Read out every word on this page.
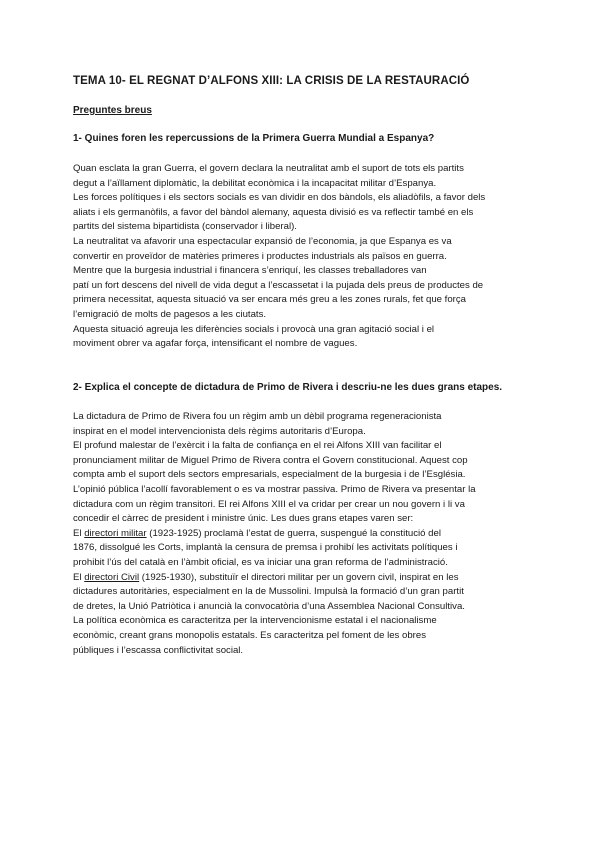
TEMA 10- EL REGNAT D’ALFONS XIII: LA CRISIS DE LA RESTAURACIÓ
Preguntes breus
1- Quines foren les repercussions de la Primera Guerra Mundial a Espanya?
Quan esclata la gran Guerra, el govern declara la neutralitat amb el suport de tots els partits
degut a l’aïllament diplomàtic, la debilitat econòmica i la incapacitat militar d’Espanya.
Les forces polítiques i els sectors socials es van dividir en dos bàndols, els aliadòfils, a favor dels
aliats i els germanòfils, a favor del bàndol alemany, aquesta divisió es va reflectir també en els
partits del sistema bipartidista (conservador i liberal).
La neutralitat va afavorir una espectacular expansió de l’economia, ja que Espanya es va
convertir en proveïdor de matèries primeres i productes industrials als països en guerra.
Mentre que la burgesia industrial i financera s’enriquí, les classes treballadores van
patí un fort descens del nivell de vida degut a l’escassetat i la pujada dels preus de productes de
primera necessitat, aquesta situació va ser encara més greu a les zones rurals, fet que força
l’emigració de molts de pagesos a les ciutats.
Aquesta situació agreuja les diferències socials i provocà una gran agitació social i el
moviment obrer va agafar força, intensificant el nombre de vagues.
2- Explica el concepte de dictadura de Primo de Rivera i descriu-ne les dues grans etapes.
La dictadura de Primo de Rivera fou un règim amb un dèbil programa regeneracionista
inspirat en el model intervencionista dels règims autoritaris d’Europa.
El profund malestar de l’exèrcit i la falta de confiança en el rei Alfons XIII van facilitar el
pronunciament militar de Miguel Primo de Rivera contra el Govern constitucional. Aquest cop
compta amb el suport dels sectors empresarials, especialment de la burgesia i de l’Església.
L’opinió pública l’acollí favorablement o es va mostrar passiva. Primo de Rivera va presentar la
dictadura com un règim transitori. El rei Alfons XIII el va cridar per crear un nou govern i li va
concedir el càrrec de president i ministre únic. Les dues grans etapes varen ser:
El directori militar (1923-1925) proclamà l’estat de guerra, suspengué la constitució del
1876, dissolgué les Corts, implantà la censura de premsa i prohibí les activitats polítiques i
prohibit l’ús del català en l’àmbit oficial, es va iniciar una gran reforma de l’administració.
El directori Civil (1925-1930), substituïr el directori militar per un govern civil, inspirat en les
dictadures autoritàries, especialment en la de Mussolini. Impulsà la formació d’un gran partit
de dretes, la Unió Patriòtica i anuncià la convocatòria d’una Assemblea Nacional Consultiva.
La política econòmica es caracteritza per la intervencionisme estatal i el nacionalisme
econòmic, creant grans monopolis estatals. Es caracteritza pel foment de les obres
públiques i l’escassa conflictivitat social.
